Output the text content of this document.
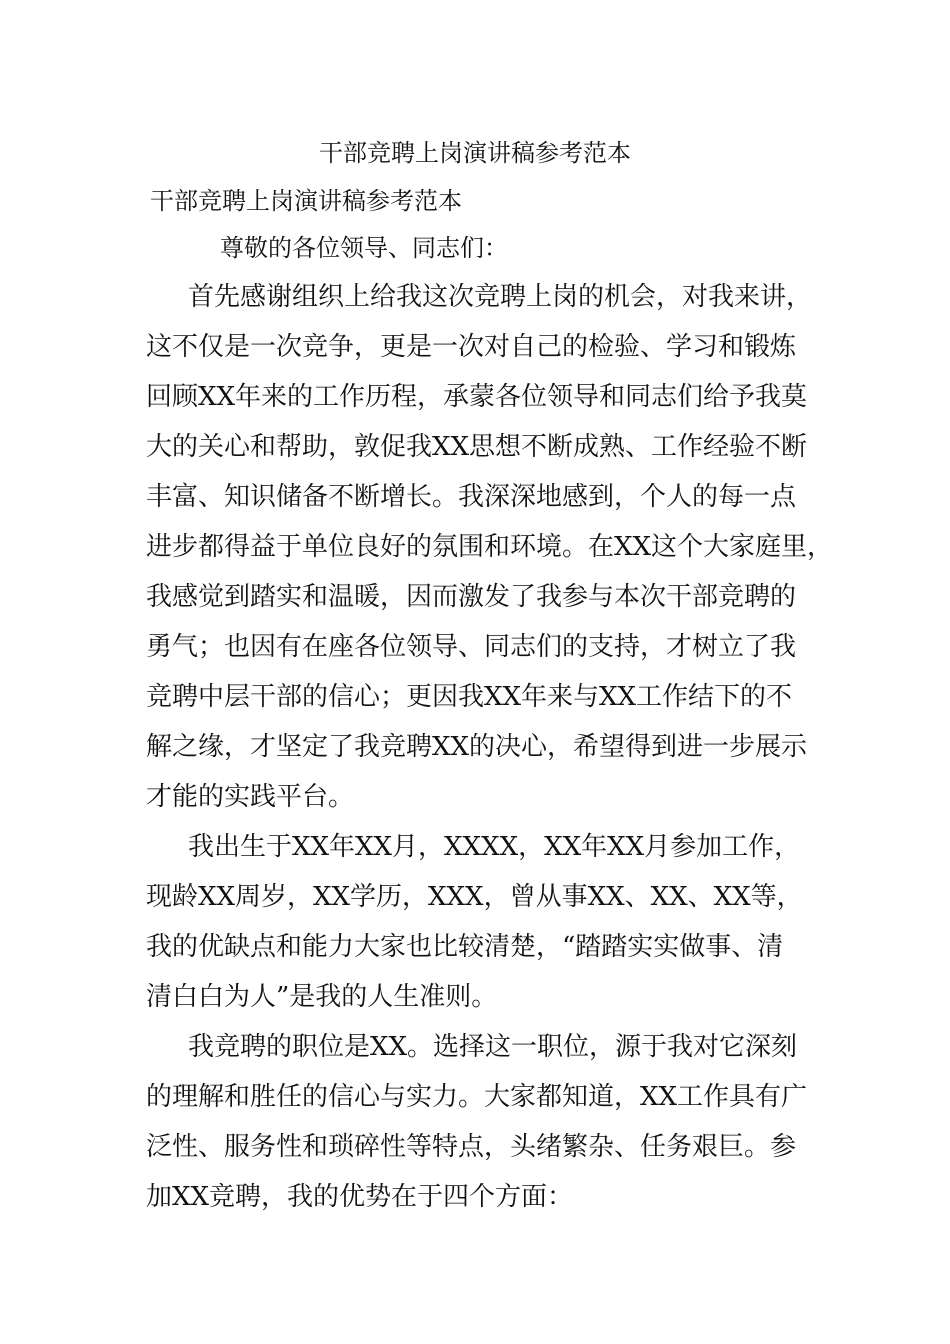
干部竞聘上岗演讲稿参考范本
干部竞聘上岗演讲稿参考范本
尊敬的各位领导、同志们：
首先感谢组织上给我这次竞聘上岗的机会，对我来讲，
这不仅是一次竞争，更是一次对自己的检验、学习和锻炼
回顾XX年来的工作历程，承蒙各位领导和同志们给予我莫
大的关心和帮助，敦促我XX思想不断成熟、工作经验不断
丰富、知识储备不断增长。我深深地感到，个人的每一点
进步都得益于单位良好的氛围和环境。在XX这个大家庭里，
我感觉到踏实和温暖，因而激发了我参与本次干部竞聘的
勇气；也因有在座各位领导、同志们的支持，才树立了我
竞聘中层干部的信心；更因我XX年来与XX工作结下的不
解之缘，才坚定了我竞聘XX的决心，希望得到进一步展示
才能的实践平台。
我出生于XX年XX月，XXXX，XX年XX月参加工作，
现龄XX周岁，XX学历，XXX，曾从事XX、XX、XX等，
我的优缺点和能力大家也比较清楚，“踏踏实实做事、清
清白白为人”是我的人生准则。
我竞聘的职位是XX。选择这一职位，源于我对它深刻
的理解和胜任的信心与实力。大家都知道，XX工作具有广
泛性、服务性和琐碎性等特点，头绪繁杂、任务艰巨。参
加XX竞聘，我的优势在于四个方面：
